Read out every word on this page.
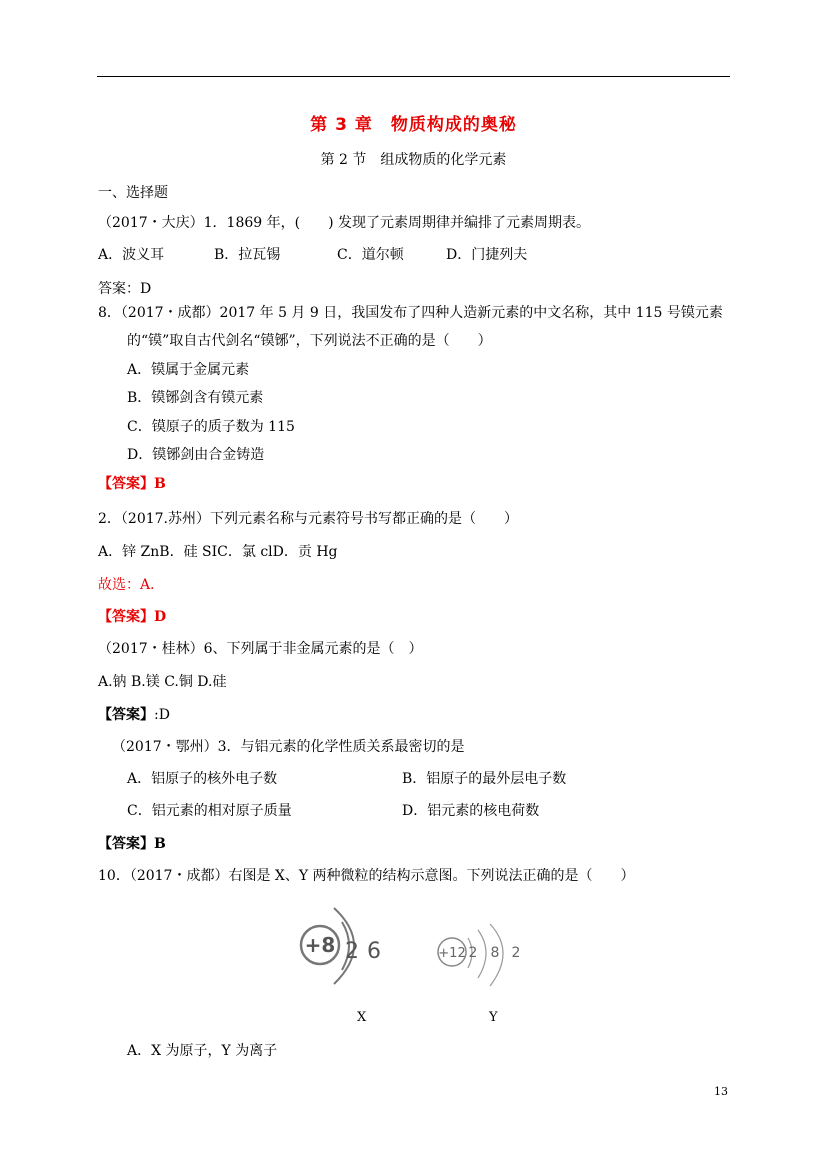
第 3 章　物质构成的奥秘
第 2 节　组成物质的化学元素
一、选择题
（2017・大庆）1．1869 年，(　　) 发现了元素周期律并编排了元素周期表。
A．波义耳	B．拉瓦锡	C．道尔顿	D．门捷列夫
答案：D
8．（2017・成都）2017 年 5 月 9 日，我国发布了四种人造新元素的中文名称，其中 115 号镆元素
的“镆”取自古代剑名“镆铘”，下列说法不正确的是（　　）
A．镆属于金属元素
B．镆铘剑含有镆元素
C．镆原子的质子数为 115
D．镆铘剑由合金铸造
【答案】B
2．（2017.苏州）下列元素名称与元素符号书写都正确的是（　　）
A．锌 ZnB．硅 SIC．氯 clD．贡 Hg
故选：A．
【答案】D
（2017・桂林）6、下列属于非金属元素的是（　）
A.钠 B.镁 C.铜 D.硅
【答案】:D
（2017・鄂州）3．与铝元素的化学性质关系最密切的是
A．铝原子的核外电子数	B．铝原子的最外层电子数
C．铝元素的相对原子质量	D．铝元素的核电荷数
【答案】B
10．（2017・成都）右图是 X、Y 两种微粒的结构示意图。下列说法正确的是（　　）
+8 2 6	+12 2 8 2
X	Y
A．X 为原子，Y 为离子
13
